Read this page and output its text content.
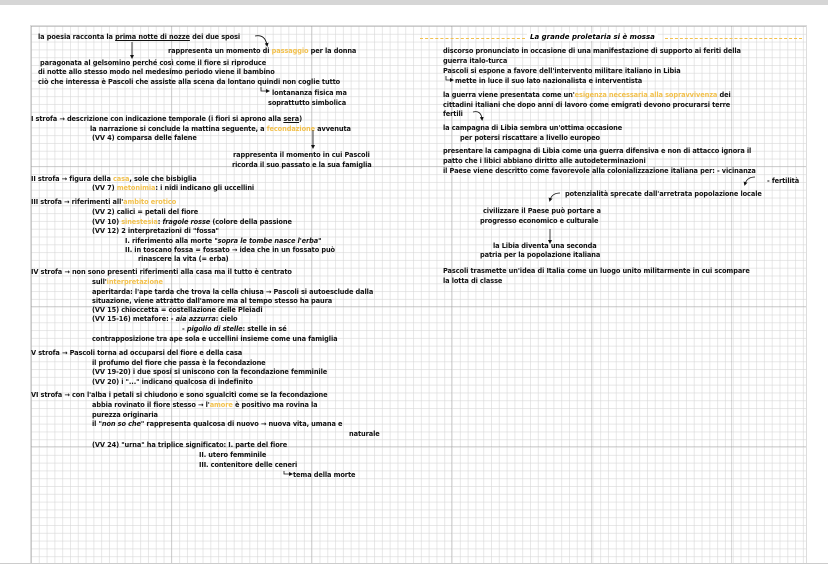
La grande proletaria si è mossa
la poesia racconta la prima notte di nozze dei due sposi
rappresenta un momento di passaggio per la donna
paragonata al gelsomino perché così come il fiore si riproduce
di notte allo stesso modo nel medesimo periodo viene il bambino
ciò che interessa è Pascoli che assiste alla scena da lontano quindi non coglie tutto
lontananza fisica ma
soprattutto simbolica
I strofa → descrizione con indicazione temporale (i fiori si aprono alla sera)
la narrazione si conclude la mattina seguente, a fecondazione avvenuta
(VV 4) comparsa delle falene
rappresenta il momento in cui Pascoli
ricorda il suo passato e la sua famiglia
II strofa → figura della casa, sole che bisbiglia
(VV 7) metonimia: i nidi indicano gli uccellini
III strofa → riferimenti all'ambito erotico
(VV 2) calici = petali del fiore
(VV 10) sinestesia: fragole rosse (colore della passione
(VV 12) 2 interpretazioni di "fossa"
I. riferimento alla morte "sopra le tombe nasce l'erba"
II. in toscano fossa = fossato → idea che in un fossato può
rinascere la vita (= erba)
IV strofa → non sono presenti riferimenti alla casa ma il tutto è centrato
sull'interpretazione
aperitarda: l'ape tarda che trova la cella chiusa → Pascoli si autoesclude dalla
situazione, viene attratto dall'amore ma al tempo stesso ha paura
(VV 15) chioccetta = costellazione delle Pleiadi
(VV 15-16) metafore: - aia azzurra: cielo
- pigolio di stelle: stelle in sé
contrapposizione tra ape sola e uccellini insieme come una famiglia
V strofa → Pascoli torna ad occuparsi del fiore e della casa
il profumo del fiore che passa è la fecondazione
(VV 19-20) i due sposi si uniscono con la fecondazione femminile
(VV 20) i "..." indicano qualcosa di indefinito
VI strofa → con l'alba i petali si chiudono e sono sgualciti come se la fecondazione
abbia rovinato il fiore stesso → l'amore è positivo ma rovina la
purezza originaria
il "non so che" rappresenta qualcosa di nuovo → nuova vita, umana e
naturale
(VV 24) "urna" ha triplice significato: I. parte del fiore
II. utero femminile
III. contenitore delle ceneri
tema della morte
discorso pronunciato in occasione di una manifestazione di supporto ai feriti della
guerra italo-turca
Pascoli si espone a favore dell'intervento militare italiano in Libia
mette in luce il suo lato nazionalista e interventista
la guerra viene presentata come un'esigenza necessaria alla sopravvivenza dei
cittadini italiani che dopo anni di lavoro come emigrati devono procurarsi terre
fertili
la campagna di Libia sembra un'ottima occasione
per potersi riscattare a livello europeo
presentare la campagna di Libia come una guerra difensiva e non di attacco ignora il
patto che i libici abbiano diritto alle autodeterminazioni
il Paese viene descritto come favorevole alla colonializzazione italiana per: - vicinanza
- fertilità
potenzialità sprecate dall'arretrata popolazione locale
civilizzare il Paese può portare a
progresso economico e culturale
la Libia diventa una seconda
patria per la popolazione italiana
Pascoli trasmette un'idea di Italia come un luogo unito militarmente in cui scompare
la lotta di classe
